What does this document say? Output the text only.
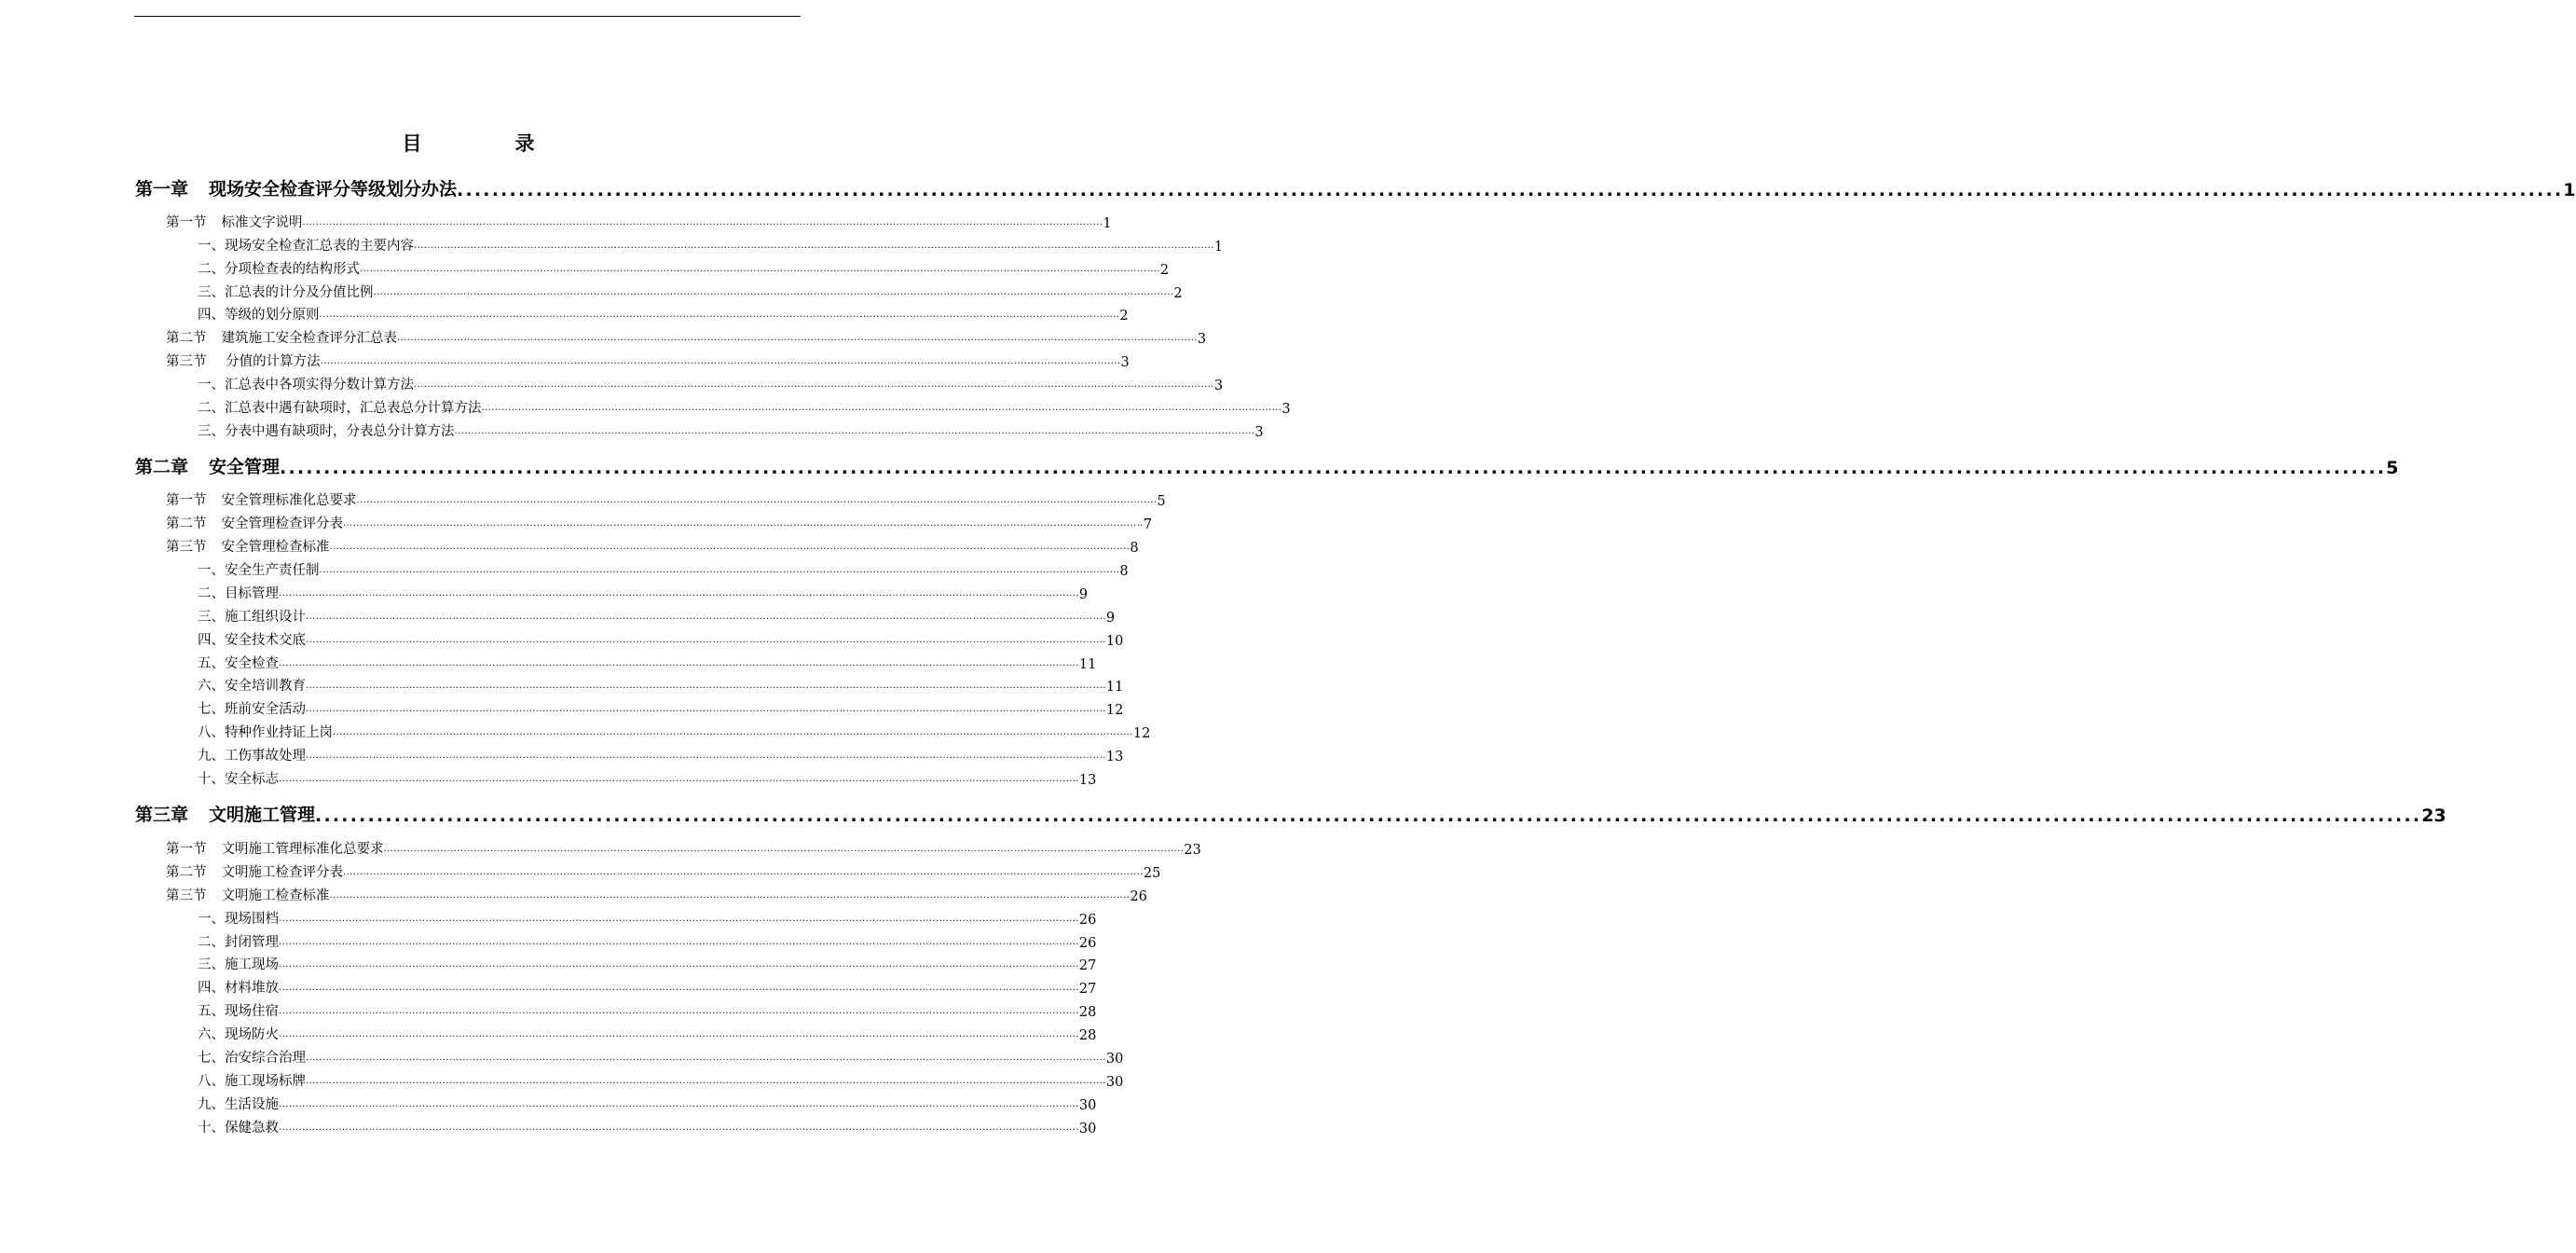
目	录
第一章 现场安全检查评分等级划分办法 ................................................................................................................................................................................................................................................ 1
第一节 标准文字说明 ................................................................................................................................................................................................................................................ 1
一、现场安全检查汇总表的主要内容 ................................................................................................................................................................................................................................................ 1
二、分项检查表的结构形式 ................................................................................................................................................................................................................................................ 2
三、汇总表的计分及分值比例 ................................................................................................................................................................................................................................................ 2
四、等级的划分原则 ................................................................................................................................................................................................................................................ 2
第二节 建筑施工安全检查评分汇总表 ................................................................................................................................................................................................................................................ 3
第三节 分值的计算方法 ................................................................................................................................................................................................................................................ 3
一、汇总表中各项实得分数计算方法 ................................................................................................................................................................................................................................................ 3
二、汇总表中遇有缺项时，汇总表总分计算方法 ................................................................................................................................................................................................................................................ 3
三、分表中遇有缺项时，分表总分计算方法 ................................................................................................................................................................................................................................................ 3
第二章 安全管理 ................................................................................................................................................................................................................................................ 5
第一节 安全管理标准化总要求 ................................................................................................................................................................................................................................................ 5
第二节 安全管理检查评分表 ................................................................................................................................................................................................................................................ 7
第三节 安全管理检查标准 ................................................................................................................................................................................................................................................ 8
一、安全生产责任制 ................................................................................................................................................................................................................................................ 8
二、目标管理 ................................................................................................................................................................................................................................................ 9
三、施工组织设计 ................................................................................................................................................................................................................................................ 9
四、安全技术交底 ................................................................................................................................................................................................................................................ 10
五、安全检查 ................................................................................................................................................................................................................................................ 11
六、安全培训教育 ................................................................................................................................................................................................................................................ 11
七、班前安全活动 ................................................................................................................................................................................................................................................ 12
八、特种作业持证上岗 ................................................................................................................................................................................................................................................ 12
九、工伤事故处理 ................................................................................................................................................................................................................................................ 13
十、安全标志 ................................................................................................................................................................................................................................................ 13
第三章 文明施工管理 ................................................................................................................................................................................................................................................ 23
第一节 文明施工管理标准化总要求 ................................................................................................................................................................................................................................................ 23
第二节 文明施工检查评分表 ................................................................................................................................................................................................................................................ 25
第三节 文明施工检查标准 ................................................................................................................................................................................................................................................ 26
一、现场围档 ................................................................................................................................................................................................................................................ 26
二、封闭管理 ................................................................................................................................................................................................................................................ 26
三、施工现场 ................................................................................................................................................................................................................................................ 27
四、材料堆放 ................................................................................................................................................................................................................................................ 27
五、现场住宿 ................................................................................................................................................................................................................................................ 28
六、现场防火 ................................................................................................................................................................................................................................................ 28
七、治安综合治理 ................................................................................................................................................................................................................................................ 30
八、施工现场标牌 ................................................................................................................................................................................................................................................ 30
九、生活设施 ................................................................................................................................................................................................................................................ 30
十、保健急救 ................................................................................................................................................................................................................................................ 30
